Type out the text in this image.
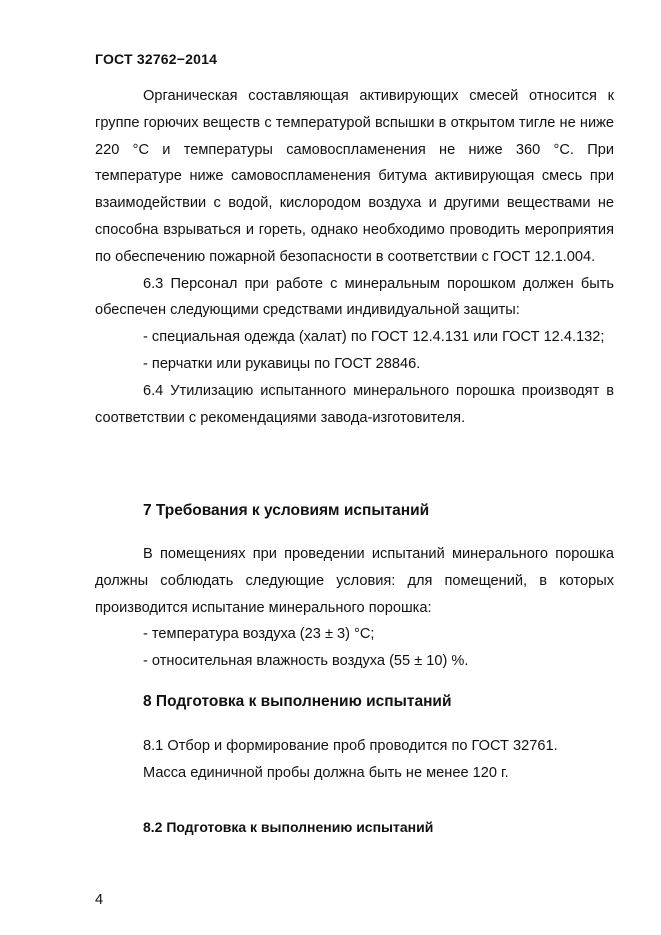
ГОСТ 32762−2014

Органическая составляющая активирующих смесей относится к группе горючих веществ с температурой вспышки в открытом тигле не ниже 220 °С и температуры самовоспламенения не ниже 360 °С. При температуре ниже самовоспламенения битума активирующая смесь при взаимодействии с водой, кислородом воздуха и другими веществами не способна взрываться и гореть, однако необходимо проводить мероприятия по обеспечению пожарной безопасности в соответствии с ГОСТ 12.1.004.

6.3 Персонал при работе с минеральным порошком должен быть обеспечен следующими средствами индивидуальной защиты:

- специальная одежда (халат) по ГОСТ 12.4.131 или ГОСТ 12.4.132;

- перчатки или рукавицы по ГОСТ 28846.

6.4 Утилизацию испытанного минерального порошка производят в соответствии с рекомендациями завода-изготовителя.

7 Требования к условиям испытаний

В помещениях при проведении испытаний минерального порошка должны соблюдать следующие условия: для помещений, в которых производится испытание минерального порошка:

- температура воздуха (23 ± 3) °С;

- относительная влажность воздуха (55 ± 10) %.

8 Подготовка к выполнению испытаний

8.1 Отбор и формирование проб проводится по ГОСТ 32761.

Масса единичной пробы должна быть не менее 120 г.

8.2 Подготовка к выполнению испытаний
4
